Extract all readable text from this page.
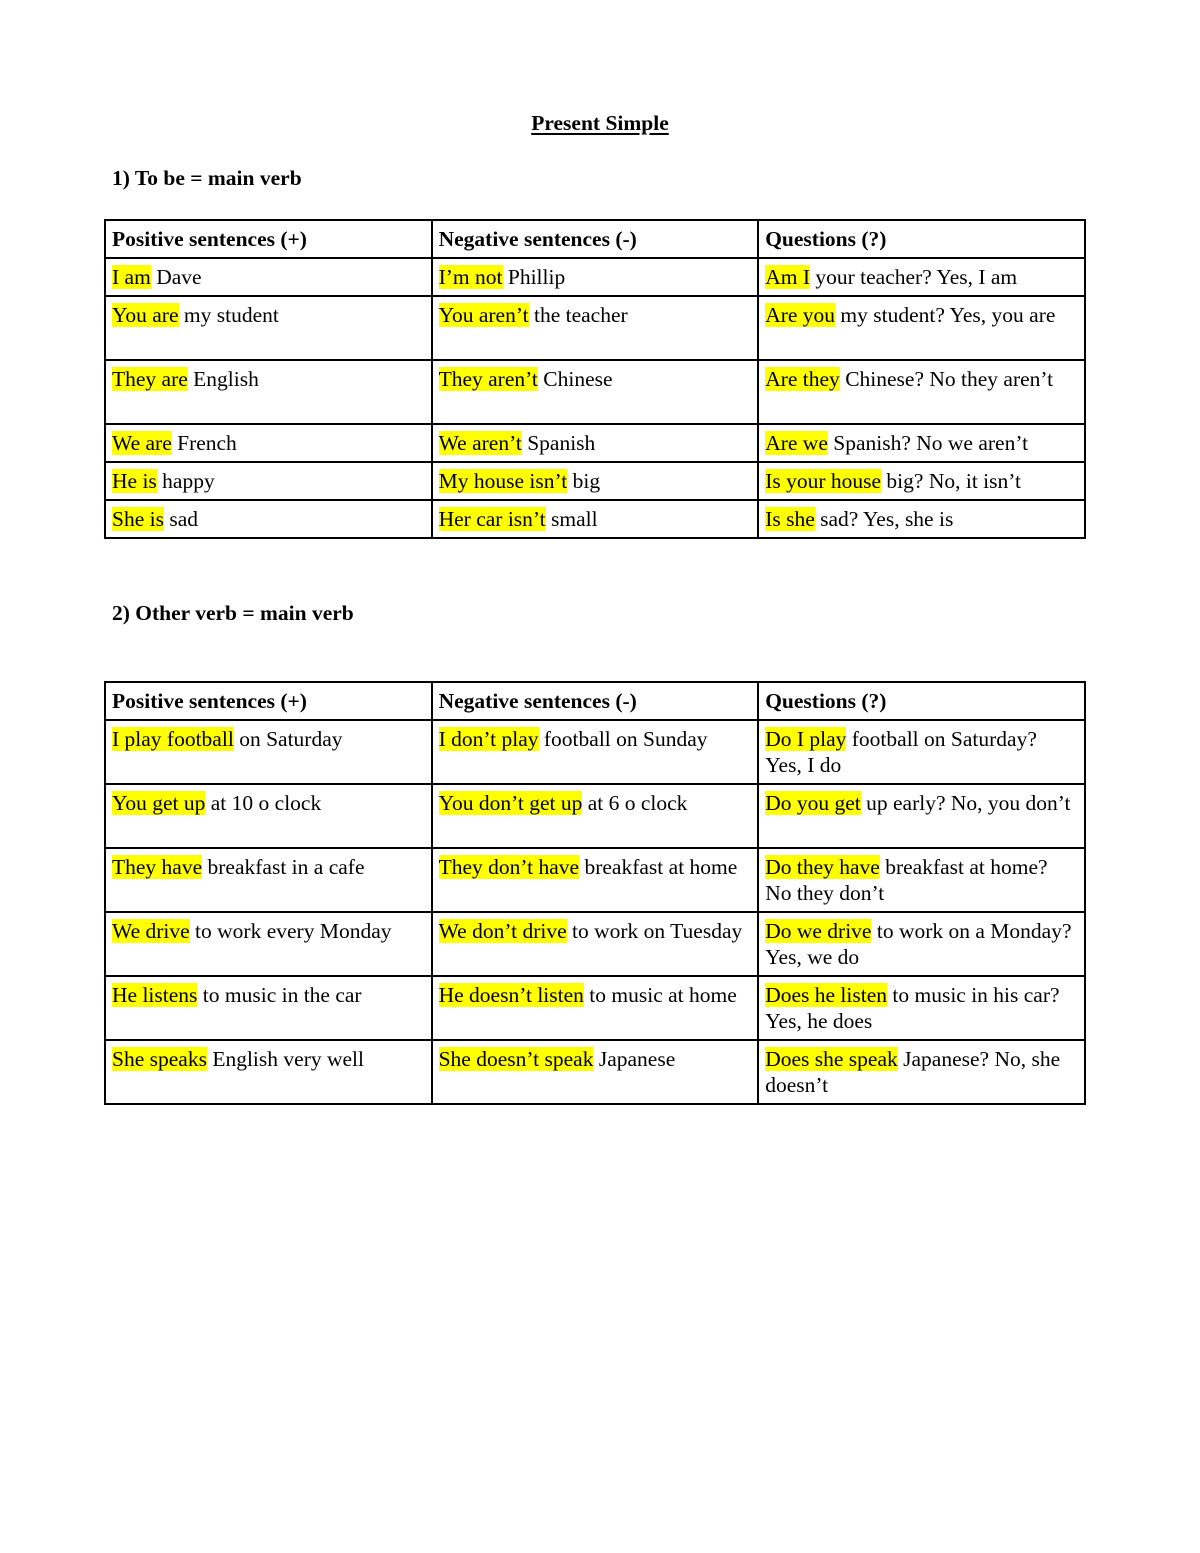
Present Simple
1) To be = main verb
Positive sentences (+)	Negative sentences (-)	Questions (?)
I am Dave	I’m not Phillip	Am I your teacher? Yes, I am
You are my student	You aren’t the teacher	Are you my student? Yes, you are
They are English	They aren’t Chinese	Are they Chinese? No they aren’t
We are French	We aren’t Spanish	Are we Spanish? No we aren’t
He is happy	My house isn’t big	Is your house big? No, it isn’t
She is sad	Her car isn’t small	Is she sad? Yes, she is
2) Other verb = main verb
Positive sentences (+)	Negative sentences (-)	Questions (?)
I play football on Saturday	I don’t play football on Sunday	Do I play football on Saturday? Yes, I do
You get up at 10 o clock	You don’t get up at 6 o clock	Do you get up early? No, you don’t
They have breakfast in a cafe	They don’t have breakfast at home	Do they have breakfast at home? No they don’t
We drive to work every Monday	We don’t drive to work on Tuesday	Do we drive to work on a Monday? Yes, we do
He listens to music in the car	He doesn’t listen to music at home	Does he listen to music in his car? Yes, he does
She speaks English very well	She doesn’t speak Japanese	Does she speak Japanese? No, she doesn’t
